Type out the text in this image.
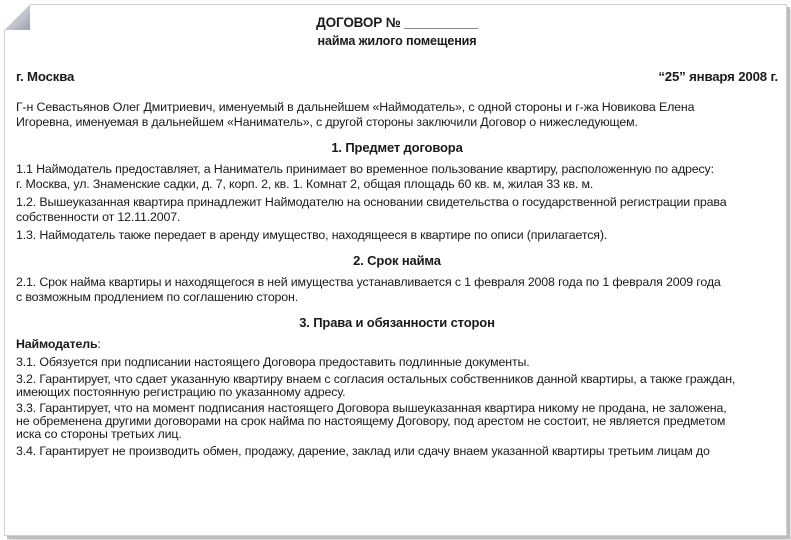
ДОГОВОР № __________
найма жилого помещения
г. Москва	“25” января 2008 г.
Г-н Севастьянов Олег Дмитриевич, именуемый в дальнейшем «Наймодатель», с одной стороны и г-жа Новикова Елена
Игоревна, именуемая в дальнейшем «Наниматель», с другой стороны заключили Договор о нижеследующем.
1. Предмет договора
1.1 Наймодатель предоставляет, а Наниматель принимает во временное пользование квартиру, расположенную по адресу:
г. Москва, ул. Знаменские садки, д. 7, корп. 2, кв. 1. Комнат 2, общая площадь 60 кв. м, жилая 33 кв. м.
1.2. Вышеуказанная квартира принадлежит Наймодателю на основании свидетельства о государственной регистрации права
собственности от 12.11.2007.
1.3. Наймодатель также передает в аренду имущество, находящееся в квартире по описи (прилагается).
2. Срок найма
2.1. Срок найма квартиры и находящегося в ней имущества устанавливается с 1 февраля 2008 года по 1 февраля 2009 года
с возможным продлением по соглашению сторон.
3. Права и обязанности сторон
Наймодатель:
3.1. Обязуется при подписании настоящего Договора предоставить подлинные документы.
3.2. Гарантирует, что сдает указанную квартиру внаем с согласия остальных собственников данной квартиры, а также граждан,
имеющих постоянную регистрацию по указанному адресу.
3.3. Гарантирует, что на момент подписания настоящего Договора вышеуказанная квартира никому не продана, не заложена,
не обременена другими договорами на срок найма по настоящему Договору, под арестом не состоит, не является предметом
иска со стороны третьих лиц.
3.4. Гарантирует не производить обмен, продажу, дарение, заклад или сдачу внаем указанной квартиры третьим лицам до
